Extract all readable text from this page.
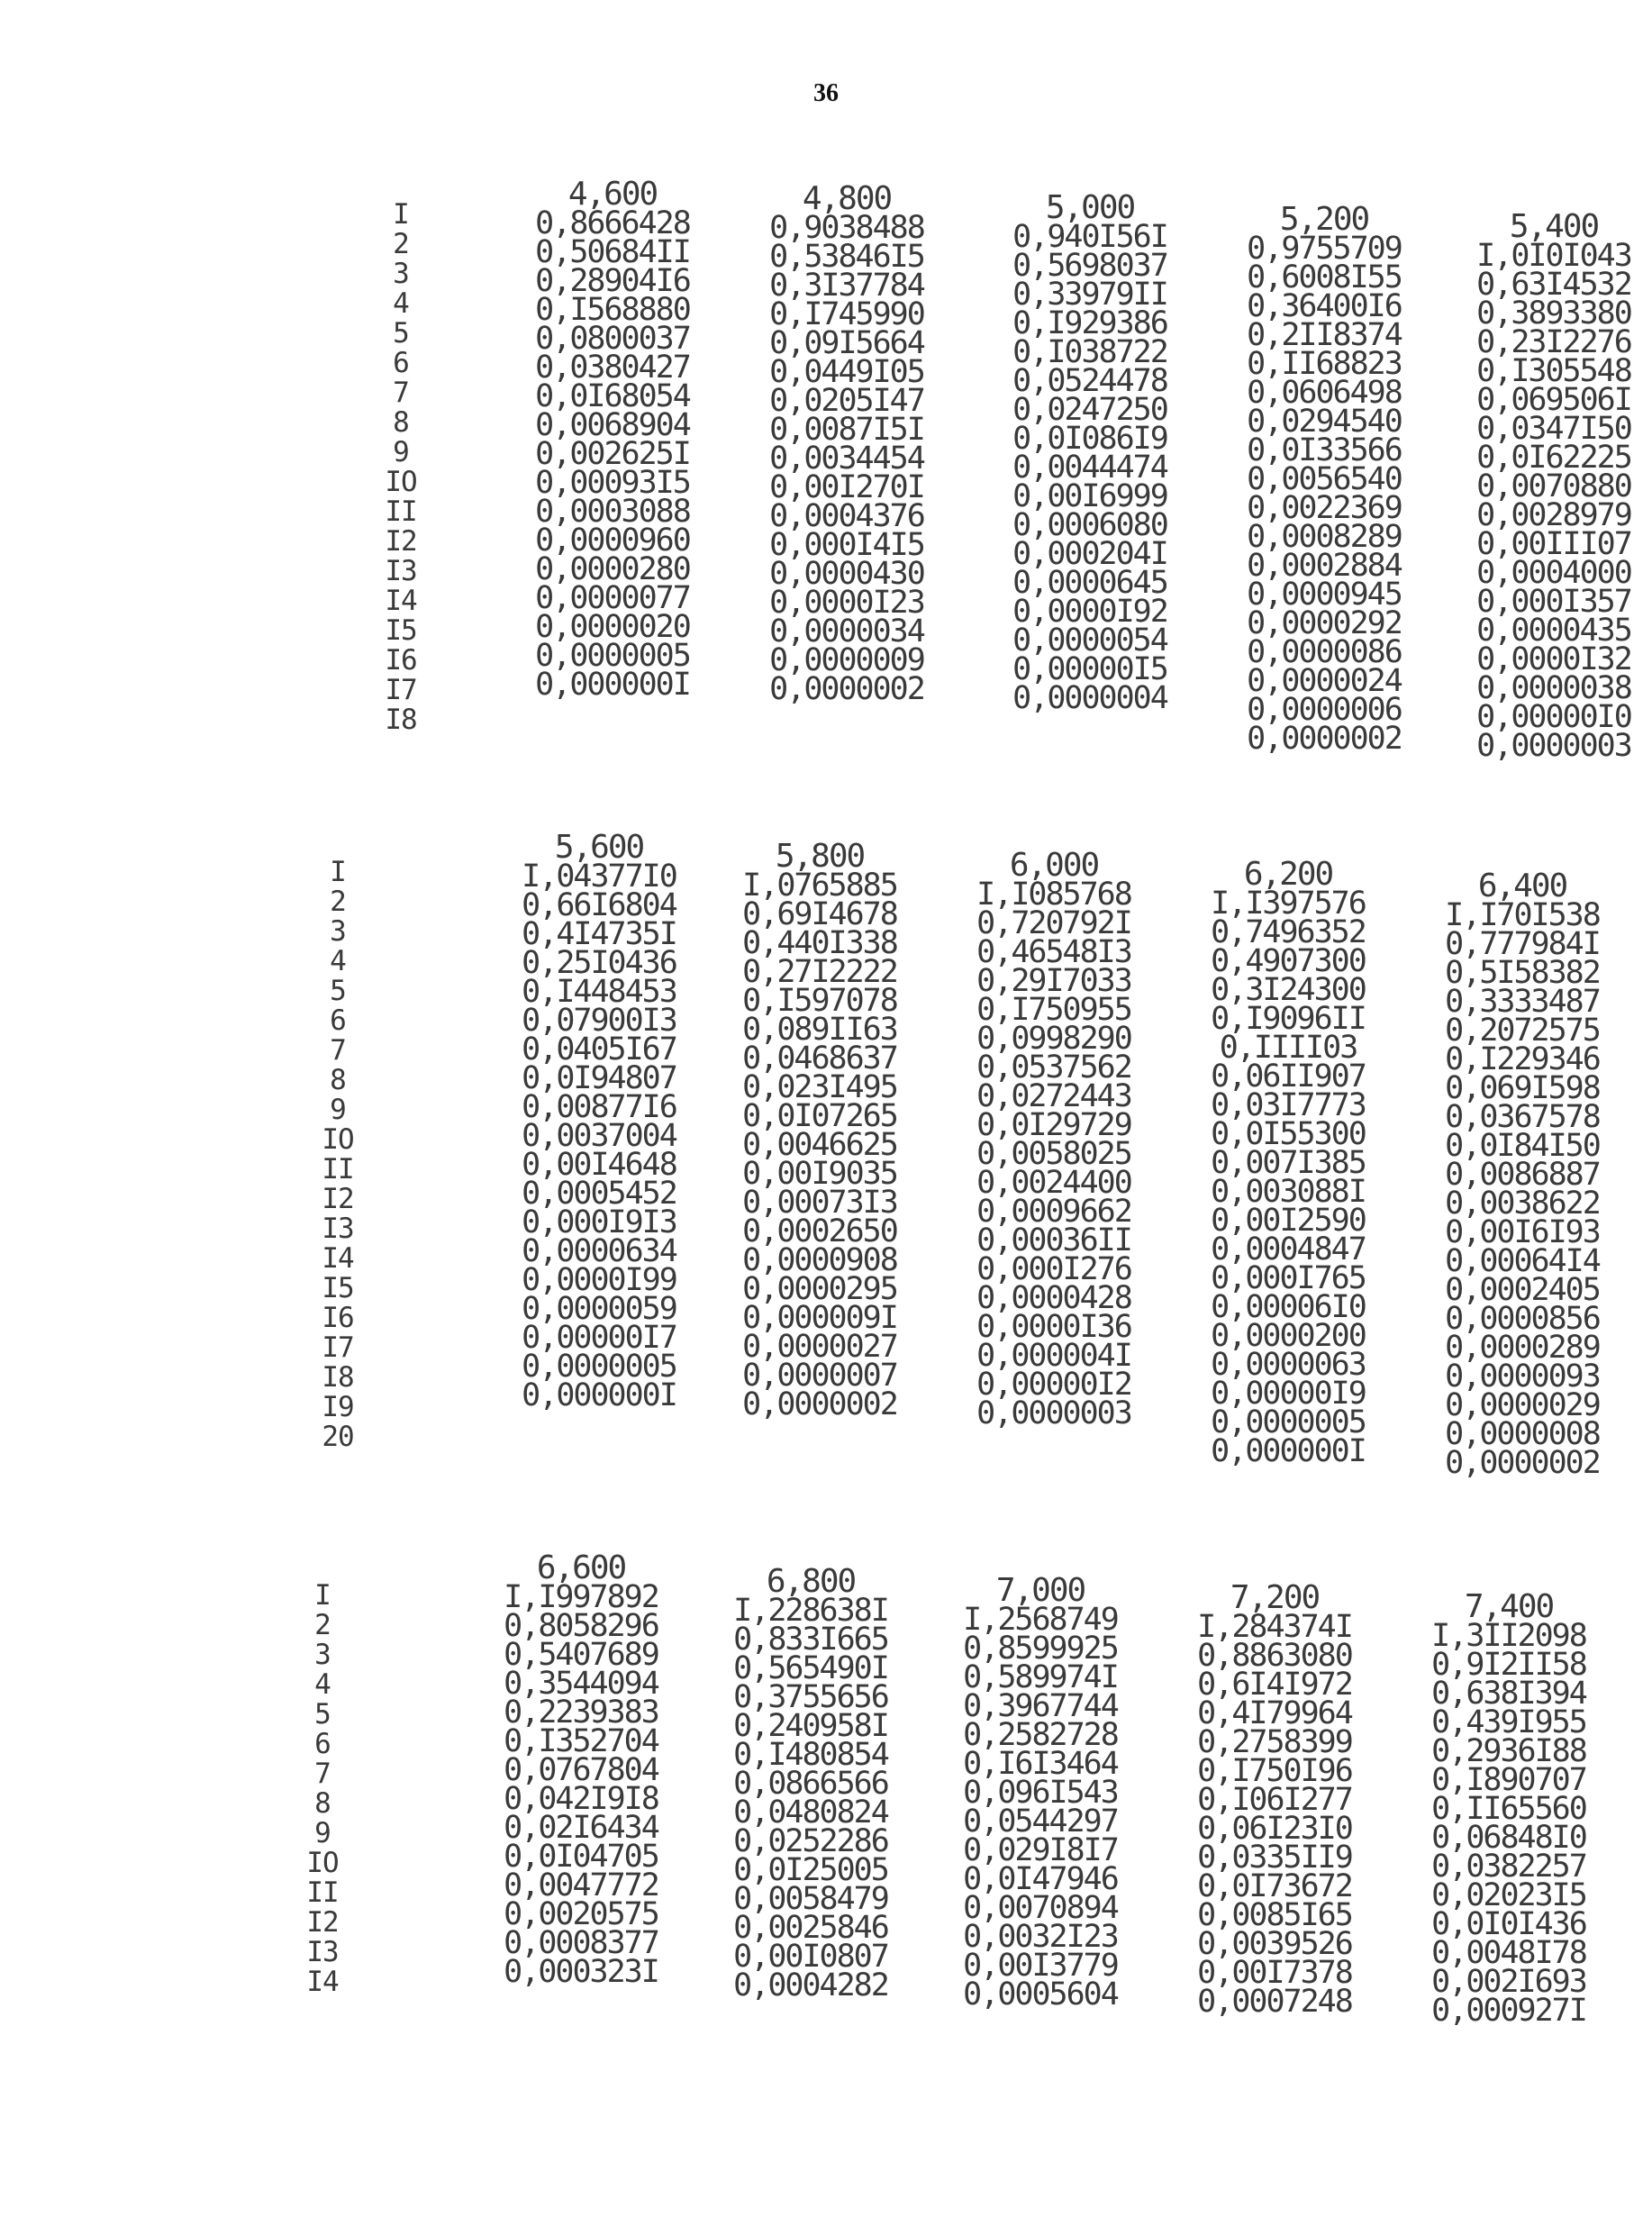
36
I
2
3
4
5
6
7
8
9
IO
II
I2
I3
I4
I5
I6
I7
I8
4,600
0,8666428
0,50684II
0,28904I6
0,I568880
0,0800037
0,0380427
0,0I68054
0,0068904
0,002625I
0,00093I5
0,0003088
0,0000960
0,0000280
0,0000077
0,0000020
0,0000005
0,000000I
4,800
0,9038488
0,53846I5
0,3I37784
0,I745990
0,09I5664
0,0449I05
0,0205I47
0,0087I5I
0,0034454
0,00I270I
0,0004376
0,000I4I5
0,0000430
0,0000I23
0,0000034
0,0000009
0,0000002
5,000
0,940I56I
0,5698037
0,33979II
0,I929386
0,I038722
0,0524478
0,0247250
0,0I086I9
0,0044474
0,00I6999
0,0006080
0,000204I
0,0000645
0,0000I92
0,0000054
0,00000I5
0,0000004
5,200
0,9755709
0,6008I55
0,36400I6
0,2II8374
0,II68823
0,0606498
0,0294540
0,0I33566
0,0056540
0,0022369
0,0008289
0,0002884
0,0000945
0,0000292
0,0000086
0,0000024
0,0000006
0,0000002
5,400
I,0I0I043
0,63I4532
0,3893380
0,23I2276
0,I305548
0,069506I
0,0347I50
0,0I62225
0,0070880
0,0028979
0,00III07
0,0004000
0,000I357
0,0000435
0,0000I32
0,0000038
0,00000I0
0,0000003
I
2
3
4
5
6
7
8
9
IO
II
I2
I3
I4
I5
I6
I7
I8
I9
20
5,600
I,04377I0
0,66I6804
0,4I4735I
0,25I0436
0,I448453
0,07900I3
0,0405I67
0,0I94807
0,00877I6
0,0037004
0,00I4648
0,0005452
0,000I9I3
0,0000634
0,0000I99
0,0000059
0,00000I7
0,0000005
0,000000I
5,800
I,0765885
0,69I4678
0,440I338
0,27I2222
0,I597078
0,089II63
0,0468637
0,023I495
0,0I07265
0,0046625
0,00I9035
0,00073I3
0,0002650
0,0000908
0,0000295
0,000009I
0,0000027
0,0000007
0,0000002
6,000
I,I085768
0,720792I
0,46548I3
0,29I7033
0,I750955
0,0998290
0,0537562
0,0272443
0,0I29729
0,0058025
0,0024400
0,0009662
0,00036II
0,000I276
0,0000428
0,0000I36
0,000004I
0,00000I2
0,0000003
6,200
I,I397576
0,7496352
0,4907300
0,3I24300
0,I9096II
0,IIII03
0,06II907
0,03I7773
0,0I55300
0,007I385
0,003088I
0,00I2590
0,0004847
0,000I765
0,00006I0
0,0000200
0,0000063
0,00000I9
0,0000005
0,000000I
6,400
I,I70I538
0,777984I
0,5I58382
0,3333487
0,2072575
0,I229346
0,069I598
0,0367578
0,0I84I50
0,0086887
0,0038622
0,00I6I93
0,00064I4
0,0002405
0,0000856
0,0000289
0,0000093
0,0000029
0,0000008
0,0000002
I
2
3
4
5
6
7
8
9
IO
II
I2
I3
I4
6,600
I,I997892
0,8058296
0,5407689
0,3544094
0,2239383
0,I352704
0,0767804
0,042I9I8
0,02I6434
0,0I04705
0,0047772
0,0020575
0,0008377
0,000323I
6,800
I,228638I
0,833I665
0,565490I
0,3755656
0,240958I
0,I480854
0,0866566
0,0480824
0,0252286
0,0I25005
0,0058479
0,0025846
0,00I0807
0,0004282
7,000
I,2568749
0,8599925
0,589974I
0,3967744
0,2582728
0,I6I3464
0,096I543
0,0544297
0,029I8I7
0,0I47946
0,0070894
0,0032I23
0,00I3779
0,0005604
7,200
I,284374I
0,8863080
0,6I4I972
0,4I79964
0,2758399
0,I750I96
0,I06I277
0,06I23I0
0,0335II9
0,0I73672
0,0085I65
0,0039526
0,00I7378
0,0007248
7,400
I,3II2098
0,9I2II58
0,638I394
0,439I955
0,2936I88
0,I890707
0,II65560
0,06848I0
0,0382257
0,02023I5
0,0I0I436
0,0048I78
0,002I693
0,000927I
